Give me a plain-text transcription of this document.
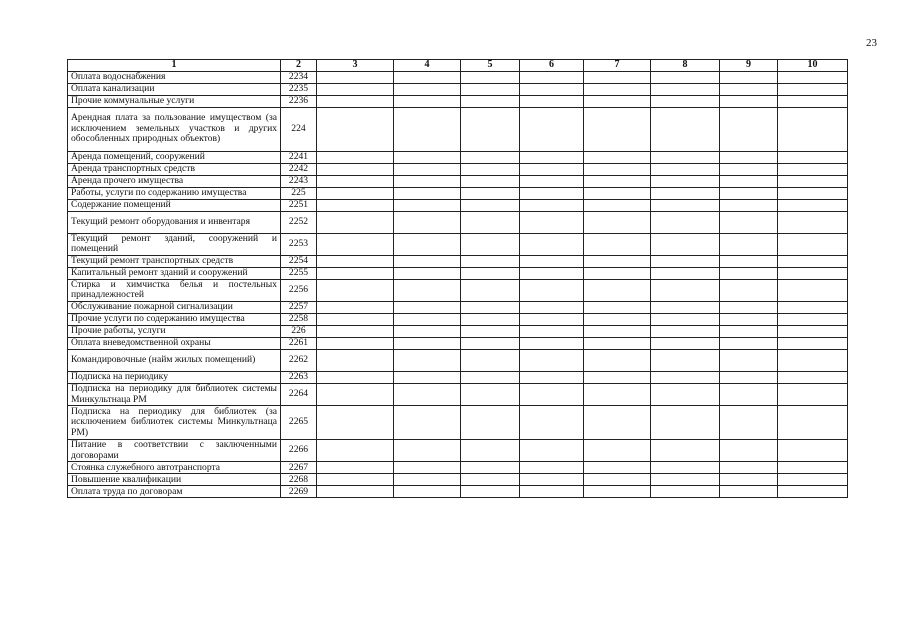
23
1	2	3	4	5	6	7	8	9	10
Оплата водоснабжения	2234								
Оплата канализации	2235								
Прочие коммунальные услуги	2236								
Арендная плата за пользование имуществом (за исключением земельных участков и других обособленных природных объектов)	224								
Аренда помещений, сооружений	2241								
Аренда транспортных средств	2242								
Аренда прочего имущества	2243								
Работы, услуги по содержанию имущества	225								
Содержание помещений	2251								
Текущий ремонт оборудования и инвентаря	2252								
Текущий ремонт зданий, сооружений и помещений	2253								
Текущий ремонт транспортных средств	2254								
Капитальный ремонт зданий и сооружений	2255								
Стирка и химчистка белья и постельных принадлежностей	2256								
Обслуживание пожарной сигнализации	2257								
Прочие услуги по содержанию имущества	2258								
Прочие работы, услуги	226								
Оплата вневедомственной охраны	2261								
Командировочные (найм жилых помещений)	2262								
Подписка на периодику	2263								
Подписка на периодику для библиотек системы Минкультнаца РМ	2264								
Подписка на периодику для библиотек (за исключением библиотек системы Минкультнаца РМ)	2265								
Питание в соответствии с заключенными договорами	2266								
Стоянка служебного автотранспорта	2267								
Повышение квалификации	2268								
Оплата труда по договорам	2269								
